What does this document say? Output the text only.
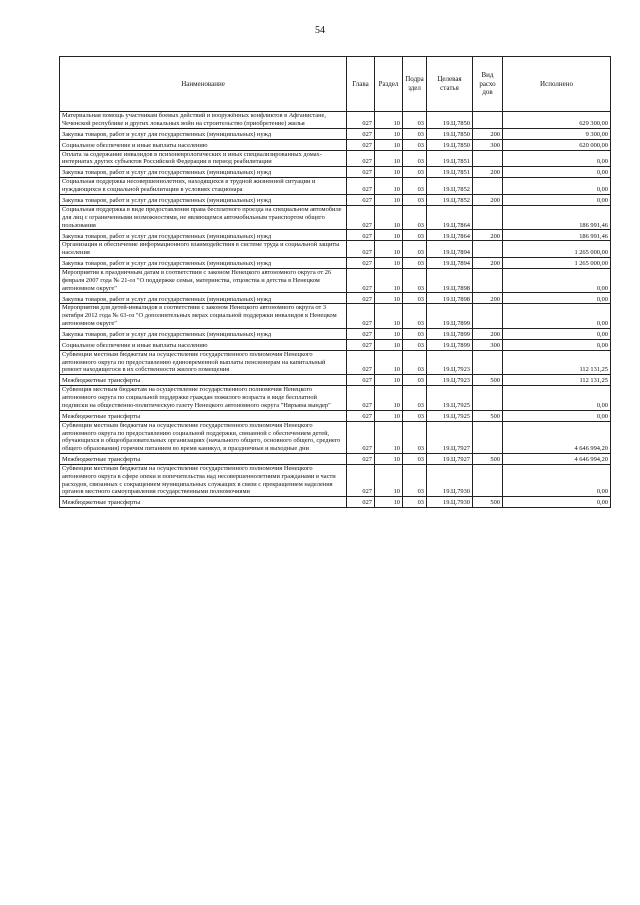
54
Наименование	Глава	Раздел	Подра здел	Целевая статья	Вид расхо дов	Исполнено
Материальная помощь участникам боевых действий и вооружённых конфликтов в Афганистане, Чеченской республике и других локальных войн на строительство (приобретение) жилья	027	10	03	19.Ц.7850		629 300,00
Закупка товаров, работ и услуг для государственных (муниципальных) нужд	027	10	03	19.Ц.7850	200	9 300,00
Социальное обеспечение и иные выплаты населению	027	10	03	19.Ц.7850	300	620 000,00
Оплата за содержание инвалидов в психоневрологических и иных специализированных домах-интернатах других субъектов Российской Федерации в период реабилитации	027	10	03	19.Ц.7851		0,00
Закупка товаров, работ и услуг для государственных (муниципальных) нужд	027	10	03	19.Ц.7851	200	0,00
Социальная поддержка несовершеннолетних, находящихся в трудной жизненной ситуации и нуждающихся в социальной реабилитации в условиях стационара	027	10	03	19.Ц.7852		0,00
Закупка товаров, работ и услуг для государственных (муниципальных) нужд	027	10	03	19.Ц.7852	200	0,00
Социальная поддержка в виде предоставления права бесплатного проезда на специальном автомобиле для лиц с ограниченными возможностями, не являющемся автомобильным транспортом общего пользования	027	10	03	19.Ц.7864		186 991,46
Закупка товаров, работ и услуг для государственных (муниципальных) нужд	027	10	03	19.Ц.7864	200	186 991,46
Организация и обеспечение информационного взаимодействия в системе труда и социальной защиты населения	027	10	03	19.Ц.7894		1 265 000,00
Закупка товаров, работ и услуг для государственных (муниципальных) нужд	027	10	03	19.Ц.7894	200	1 265 000,00
Мероприятия к праздничным датам в соответствии с законом Ненецкого автономного округа от 26 февраля 2007 года № 21-оз "О поддержке семьи, материнства, отцовства и детства в Ненецком автономном округе"	027	10	03	19.Ц.7898		0,00
Закупка товаров, работ и услуг для государственных (муниципальных) нужд	027	10	03	19.Ц.7898	200	0,00
Мероприятия для детей-инвалидов в соответствии с законом Ненецкого автономного округа от 3 октября 2012 года № 63-оз "О дополнительных мерах социальной поддержки инвалидов в Ненецком автономном округе"	027	10	03	19.Ц.7899		0,00
Закупка товаров, работ и услуг для государственных (муниципальных) нужд	027	10	03	19.Ц.7899	200	0,00
Социальное обеспечение и иные выплаты населению	027	10	03	19.Ц.7899	300	0,00
Субвенции местным бюджетам на осуществление государственного полномочия Ненецкого автономного округа по предоставлению единовременной выплаты пенсионерам на капитальный ремонт находящегося в их собственности жилого помещения	027	10	03	19.Ц.7923		112 131,25
Межбюджетные трансферты	027	10	03	19.Ц.7923	500	112 131,25
Субвенция местным бюджетам на осуществление государственного полномочия Ненецкого автономного округа по социальной поддержке граждан пожилого возраста в виде бесплатной подписки на общественно-политическую газету Ненецкого автономного округа "Няръяна вындер"	027	10	03	19.Ц.7925		0,00
Межбюджетные трансферты	027	10	03	19.Ц.7925	500	0,00
Субвенции местным бюджетам на осуществление государственного полномочия Ненецкого автономного округа по предоставлению социальной поддержки, связанной с обеспечением детей, обучающихся в общеобразовательных организациях (начального общего, основного общего, среднего общего образования) горячим питанием во время каникул, в праздничные и выходные дни	027	10	03	19.Ц.7927		4 646 994,20
Межбюджетные трансферты	027	10	03	19.Ц.7927	500	4 646 994,20
Субвенции местным бюджетам на осуществление государственного полномочия Ненецкого автономного округа в сфере опеки и попечительства над несовершеннолетними гражданами в части расходов, связанных с сокращением муниципальных служащих в связи с прекращением наделения органов местного самоуправления государственными полномочиями	027	10	03	19.Ц.7930		0,00
Межбюджетные трансферты	027	10	03	19.Ц.7930	500	0,00
